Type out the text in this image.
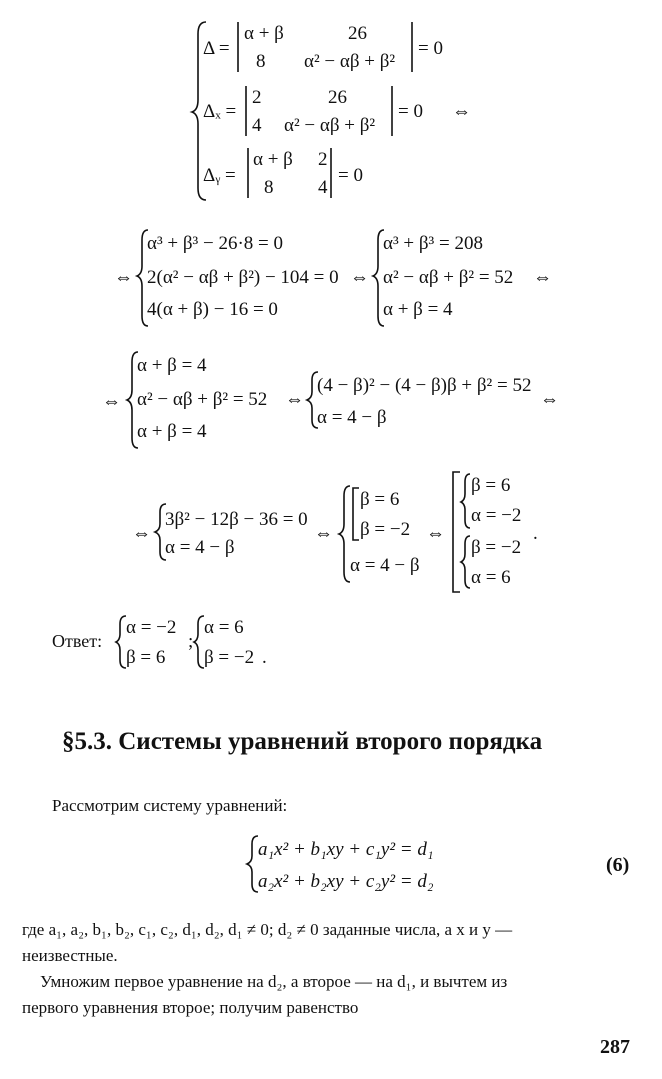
Δ =
α + β	26
8 α² − αβ + β²
= 0
Δₓ =
2	26
4 α² − αβ + β²
= 0 ⇔
Δᵧ =
α + β 2
8 4
= 0
⇔
α³ + β³ − 26·8 = 0
2(α² − αβ + β²) − 104 = 0
4(α + β) − 16 = 0
⇔
α³ + β³ = 208
α² − αβ + β² = 52
α + β = 4
⇔
⇔
α + β = 4
α² − αβ + β² = 52
α + β = 4
⇔
(4 − β)² − (4 − β)β + β² = 52
α = 4 − β
⇔
⇔
3β² − 12β − 36 = 0
α = 4 − β
⇔
β = 6
β = −2
α = 4 − β
⇔
β = 6
α = −2
β = −2
α = 6
.
Ответ:
α = −2
β = 6
;
α = 6
β = −2 .
§5.3. Системы уравнений второго порядка
Рассмотрим систему уравнений:
a₁x² + b₁xy + c₁y² = d₁
a₂x² + b₂xy + c₂y² = d₂
(6)
где a₁, a₂, b₁, b₂, c₁, c₂, d₁, d₂, d₁ ≠ 0; d₂ ≠ 0 заданные числа, а x и y —
неизвестные.
Умножим первое уравнение на d₂, а второе — на d₁, и вычтем из
первого уравнения второе; получим равенство
287
